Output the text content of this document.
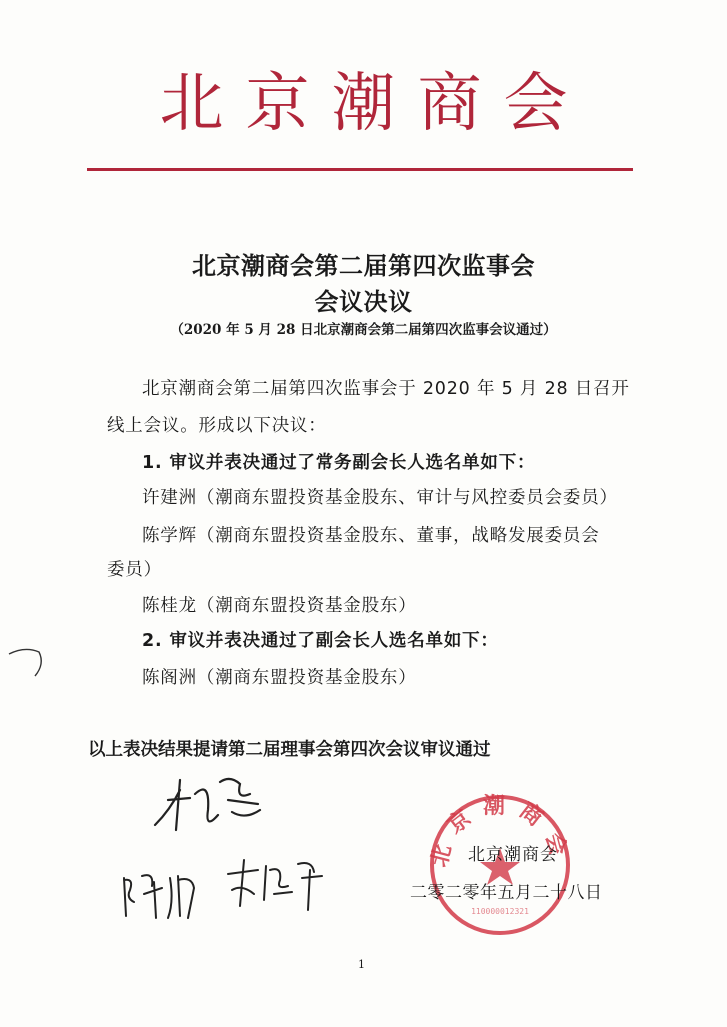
北京潮商会
北京潮商会第二届第四次监事会
会议决议
（2020 年 5 月 28 日北京潮商会第二届第四次监事会议通过）
北京潮商会第二届第四次监事会于 2020 年 5 月 28 日召开
线上会议。形成以下决议：
1. 审议并表决通过了常务副会长人选名单如下：
许建洲（潮商东盟投资基金股东、审计与风控委员会委员）
陈学辉（潮商东盟投资基金股东、董事，战略发展委员会
委员）
陈桂龙（潮商东盟投资基金股东）
2. 审议并表决通过了副会长人选名单如下：
陈阁洲（潮商东盟投资基金股东）
以上表决结果提请第二届理事会第四次会议审议通过
北京潮商会
110000012321
北京潮商会
二零二零年五月二十八日
1
